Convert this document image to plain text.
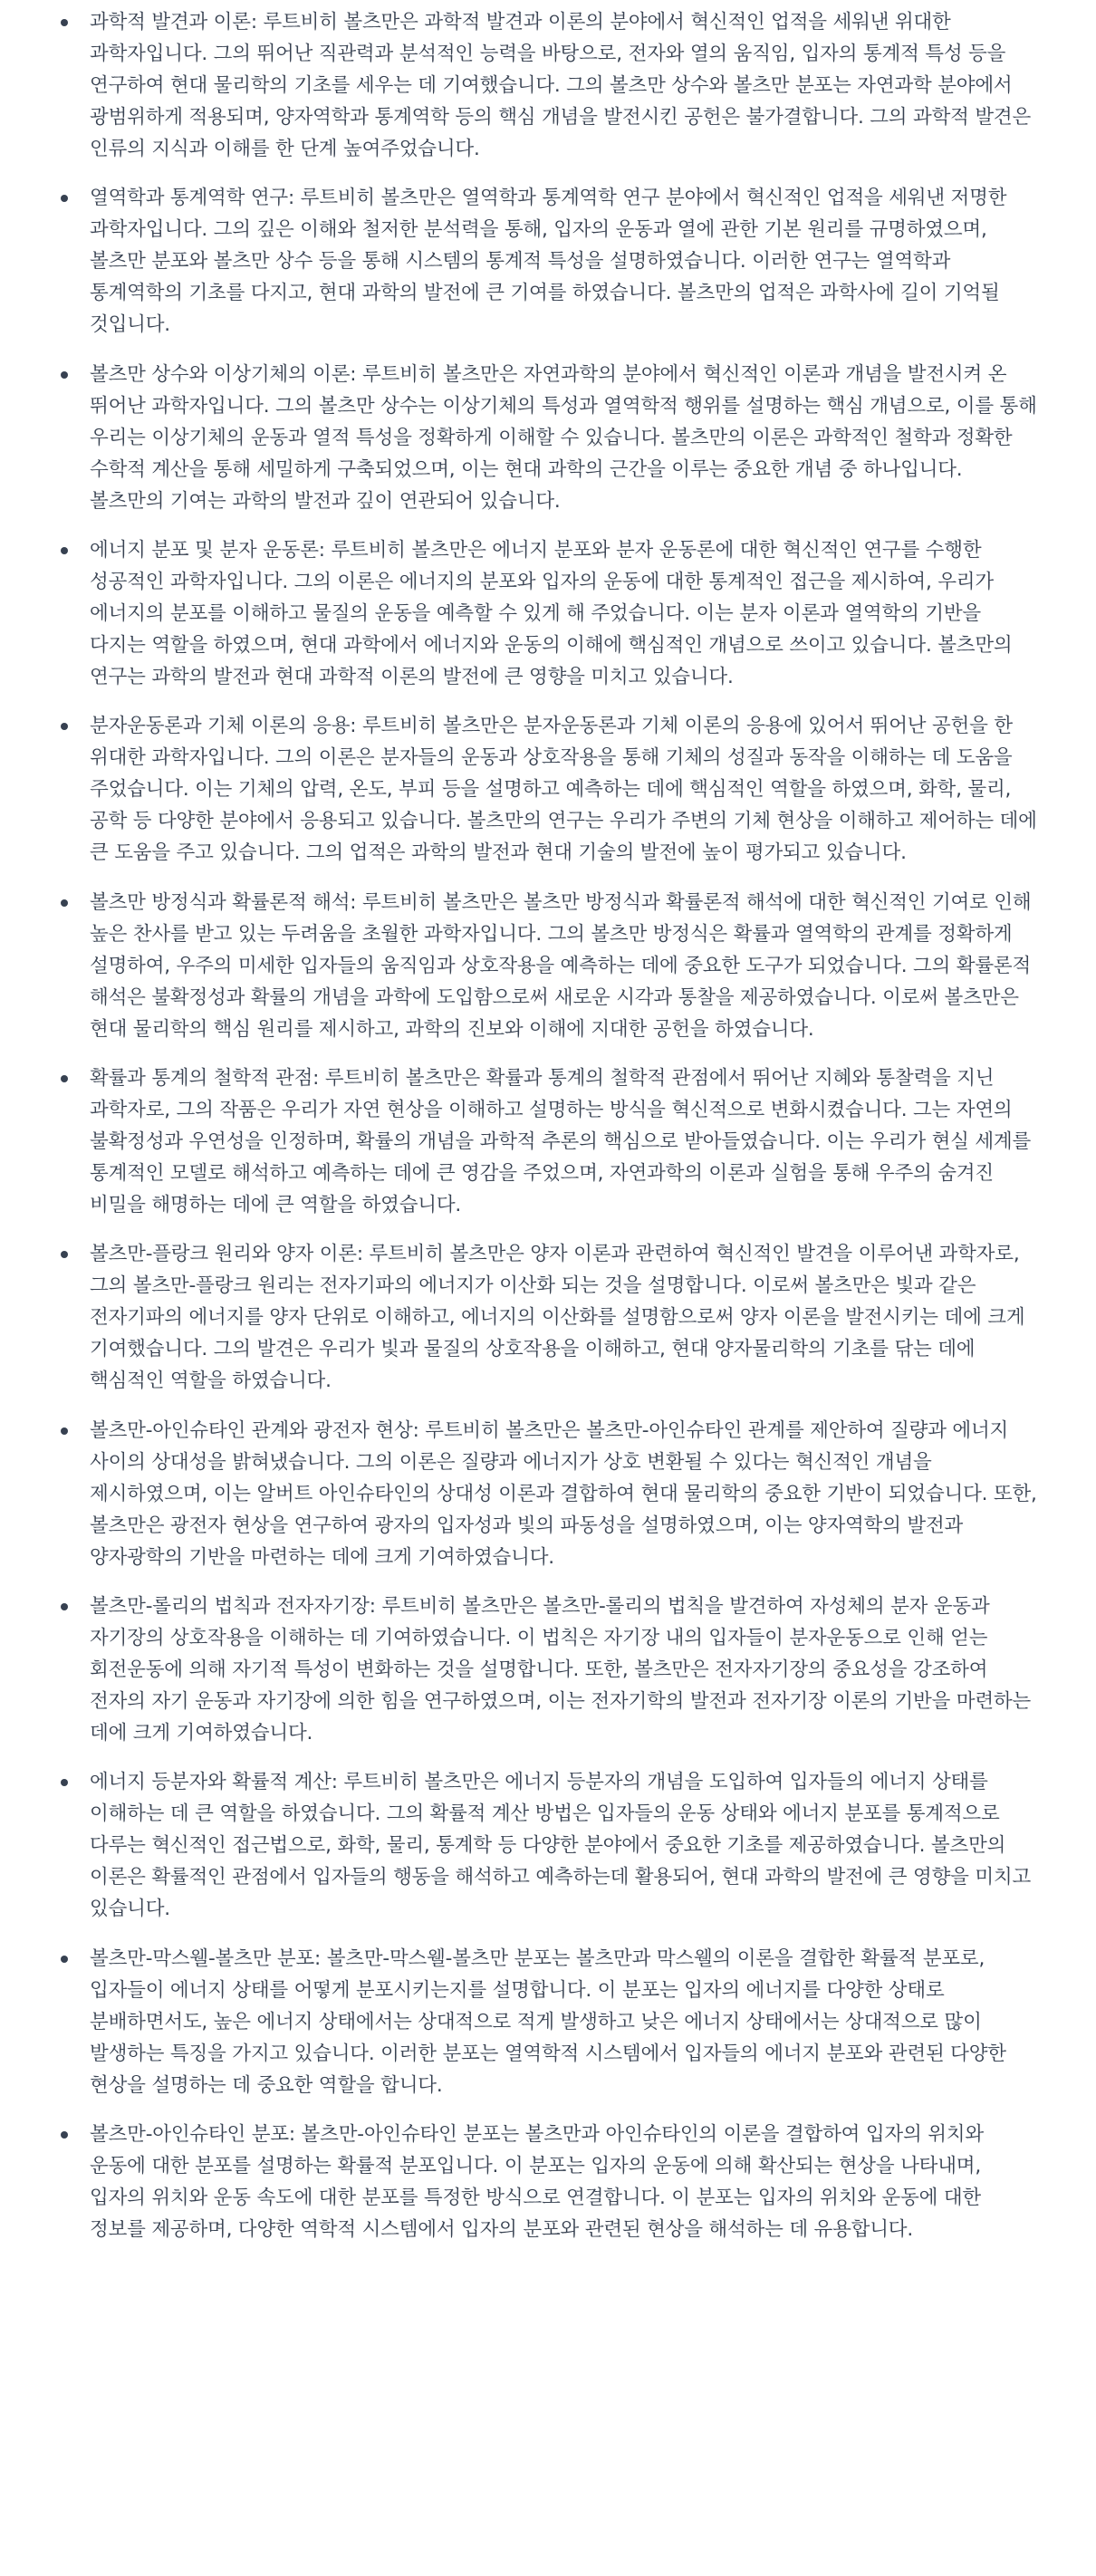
과학적 발견과 이론: 루트비히 볼츠만은 과학적 발견과 이론의 분야에서 혁신적인 업적을 세워낸 위대한 과학자입니다. 그의 뛰어난 직관력과 분석적인 능력을 바탕으로, 전자와 열의 움직임, 입자의 통계적 특성 등을 연구하여 현대 물리학의 기초를 세우는 데 기여했습니다. 그의 볼츠만 상수와 볼츠만 분포는 자연과학 분야에서 광범위하게 적용되며, 양자역학과 통계역학 등의 핵심 개념을 발전시킨 공헌은 불가결합니다. 그의 과학적 발견은 인류의 지식과 이해를 한 단계 높여주었습니다.
열역학과 통계역학 연구: 루트비히 볼츠만은 열역학과 통계역학 연구 분야에서 혁신적인 업적을 세워낸 저명한 과학자입니다. 그의 깊은 이해와 철저한 분석력을 통해, 입자의 운동과 열에 관한 기본 원리를 규명하였으며, 볼츠만 분포와 볼츠만 상수 등을 통해 시스템의 통계적 특성을 설명하였습니다. 이러한 연구는 열역학과 통계역학의 기초를 다지고, 현대 과학의 발전에 큰 기여를 하였습니다. 볼츠만의 업적은 과학사에 길이 기억될 것입니다.
볼츠만 상수와 이상기체의 이론: 루트비히 볼츠만은 자연과학의 분야에서 혁신적인 이론과 개념을 발전시켜 온 뛰어난 과학자입니다. 그의 볼츠만 상수는 이상기체의 특성과 열역학적 행위를 설명하는 핵심 개념으로, 이를 통해 우리는 이상기체의 운동과 열적 특성을 정확하게 이해할 수 있습니다. 볼츠만의 이론은 과학적인 철학과 정확한 수학적 계산을 통해 세밀하게 구축되었으며, 이는 현대 과학의 근간을 이루는 중요한 개념 중 하나입니다. 볼츠만의 기여는 과학의 발전과 깊이 연관되어 있습니다.
에너지 분포 및 분자 운동론: 루트비히 볼츠만은 에너지 분포와 분자 운동론에 대한 혁신적인 연구를 수행한 성공적인 과학자입니다. 그의 이론은 에너지의 분포와 입자의 운동에 대한 통계적인 접근을 제시하여, 우리가 에너지의 분포를 이해하고 물질의 운동을 예측할 수 있게 해 주었습니다. 이는 분자 이론과 열역학의 기반을 다지는 역할을 하였으며, 현대 과학에서 에너지와 운동의 이해에 핵심적인 개념으로 쓰이고 있습니다. 볼츠만의 연구는 과학의 발전과 현대 과학적 이론의 발전에 큰 영향을 미치고 있습니다.
분자운동론과 기체 이론의 응용: 루트비히 볼츠만은 분자운동론과 기체 이론의 응용에 있어서 뛰어난 공헌을 한 위대한 과학자입니다. 그의 이론은 분자들의 운동과 상호작용을 통해 기체의 성질과 동작을 이해하는 데 도움을 주었습니다. 이는 기체의 압력, 온도, 부피 등을 설명하고 예측하는 데에 핵심적인 역할을 하였으며, 화학, 물리, 공학 등 다양한 분야에서 응용되고 있습니다. 볼츠만의 연구는 우리가 주변의 기체 현상을 이해하고 제어하는 데에 큰 도움을 주고 있습니다. 그의 업적은 과학의 발전과 현대 기술의 발전에 높이 평가되고 있습니다.
볼츠만 방정식과 확률론적 해석: 루트비히 볼츠만은 볼츠만 방정식과 확률론적 해석에 대한 혁신적인 기여로 인해 높은 찬사를 받고 있는 두려움을 초월한 과학자입니다. 그의 볼츠만 방정식은 확률과 열역학의 관계를 정확하게 설명하여, 우주의 미세한 입자들의 움직임과 상호작용을 예측하는 데에 중요한 도구가 되었습니다. 그의 확률론적 해석은 불확정성과 확률의 개념을 과학에 도입함으로써 새로운 시각과 통찰을 제공하였습니다. 이로써 볼츠만은 현대 물리학의 핵심 원리를 제시하고, 과학의 진보와 이해에 지대한 공헌을 하였습니다.
확률과 통계의 철학적 관점: 루트비히 볼츠만은 확률과 통계의 철학적 관점에서 뛰어난 지혜와 통찰력을 지닌 과학자로, 그의 작품은 우리가 자연 현상을 이해하고 설명하는 방식을 혁신적으로 변화시켰습니다. 그는 자연의 불확정성과 우연성을 인정하며, 확률의 개념을 과학적 추론의 핵심으로 받아들였습니다. 이는 우리가 현실 세계를 통계적인 모델로 해석하고 예측하는 데에 큰 영감을 주었으며, 자연과학의 이론과 실험을 통해 우주의 숨겨진 비밀을 해명하는 데에 큰 역할을 하였습니다.
볼츠만-플랑크 원리와 양자 이론: 루트비히 볼츠만은 양자 이론과 관련하여 혁신적인 발견을 이루어낸 과학자로, 그의 볼츠만-플랑크 원리는 전자기파의 에너지가 이산화 되는 것을 설명합니다. 이로써 볼츠만은 빛과 같은 전자기파의 에너지를 양자 단위로 이해하고, 에너지의 이산화를 설명함으로써 양자 이론을 발전시키는 데에 크게 기여했습니다. 그의 발견은 우리가 빛과 물질의 상호작용을 이해하고, 현대 양자물리학의 기초를 닦는 데에 핵심적인 역할을 하였습니다.
볼츠만-아인슈타인 관계와 광전자 현상: 루트비히 볼츠만은 볼츠만-아인슈타인 관계를 제안하여 질량과 에너지 사이의 상대성을 밝혀냈습니다. 그의 이론은 질량과 에너지가 상호 변환될 수 있다는 혁신적인 개념을 제시하였으며, 이는 알버트 아인슈타인의 상대성 이론과 결합하여 현대 물리학의 중요한 기반이 되었습니다. 또한, 볼츠만은 광전자 현상을 연구하여 광자의 입자성과 빛의 파동성을 설명하였으며, 이는 양자역학의 발전과 양자광학의 기반을 마련하는 데에 크게 기여하였습니다.
볼츠만-롤리의 법칙과 전자자기장: 루트비히 볼츠만은 볼츠만-롤리의 법칙을 발견하여 자성체의 분자 운동과 자기장의 상호작용을 이해하는 데 기여하였습니다. 이 법칙은 자기장 내의 입자들이 분자운동으로 인해 얻는 회전운동에 의해 자기적 특성이 변화하는 것을 설명합니다. 또한, 볼츠만은 전자자기장의 중요성을 강조하여 전자의 자기 운동과 자기장에 의한 힘을 연구하였으며, 이는 전자기학의 발전과 전자기장 이론의 기반을 마련하는 데에 크게 기여하였습니다.
에너지 등분자와 확률적 계산: 루트비히 볼츠만은 에너지 등분자의 개념을 도입하여 입자들의 에너지 상태를 이해하는 데 큰 역할을 하였습니다. 그의 확률적 계산 방법은 입자들의 운동 상태와 에너지 분포를 통계적으로 다루는 혁신적인 접근법으로, 화학, 물리, 통계학 등 다양한 분야에서 중요한 기초를 제공하였습니다. 볼츠만의 이론은 확률적인 관점에서 입자들의 행동을 해석하고 예측하는데 활용되어, 현대 과학의 발전에 큰 영향을 미치고 있습니다.
볼츠만-막스웰-볼츠만 분포: 볼츠만-막스웰-볼츠만 분포는 볼츠만과 막스웰의 이론을 결합한 확률적 분포로, 입자들이 에너지 상태를 어떻게 분포시키는지를 설명합니다. 이 분포는 입자의 에너지를 다양한 상태로 분배하면서도, 높은 에너지 상태에서는 상대적으로 적게 발생하고 낮은 에너지 상태에서는 상대적으로 많이 발생하는 특징을 가지고 있습니다. 이러한 분포는 열역학적 시스템에서 입자들의 에너지 분포와 관련된 다양한 현상을 설명하는 데 중요한 역할을 합니다.
볼츠만-아인슈타인 분포: 볼츠만-아인슈타인 분포는 볼츠만과 아인슈타인의 이론을 결합하여 입자의 위치와 운동에 대한 분포를 설명하는 확률적 분포입니다. 이 분포는 입자의 운동에 의해 확산되는 현상을 나타내며, 입자의 위치와 운동 속도에 대한 분포를 특정한 방식으로 연결합니다. 이 분포는 입자의 위치와 운동에 대한 정보를 제공하며, 다양한 역학적 시스템에서 입자의 분포와 관련된 현상을 해석하는 데 유용합니다.
